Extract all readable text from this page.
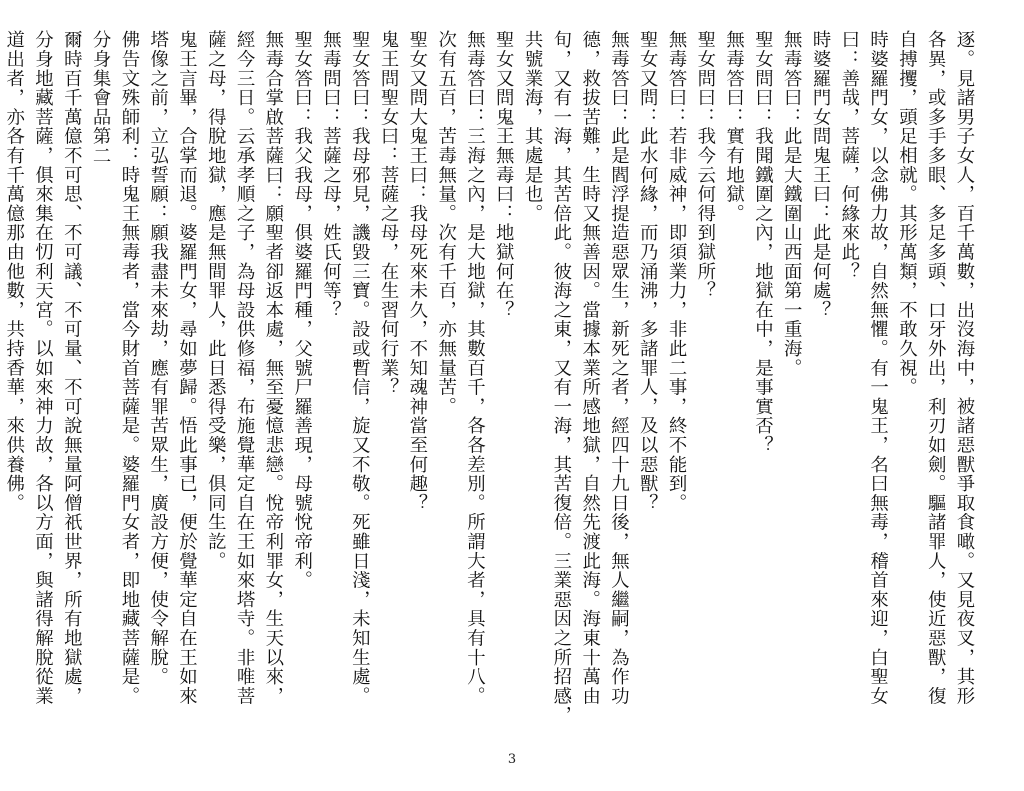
逐。見諸男子女人，百千萬數，出沒海中，被諸惡獸爭取食噉。又見夜叉，其形

各異，或多手多眼、多足多頭、口牙外出，利刃如劍。驅諸罪人，使近惡獸，復

自搏攫，頭足相就。其形萬類，不敢久視。

時婆羅門女，以念佛力故，自然無懼。有一鬼王，名曰無毒，稽首來迎，白聖女

曰：善哉，菩薩，何緣來此？

時婆羅門女問鬼王曰：此是何處？

無毒答曰：此是大鐵圍山西面第一重海。

聖女問曰：我聞鐵圍之內，地獄在中，是事實否？

無毒答曰：實有地獄。

聖女問曰：我今云何得到獄所？

無毒答曰：若非威神，即須業力，非此二事，終不能到。

聖女又問：此水何緣，而乃涌沸，多諸罪人，及以惡獸？

無毒答曰：此是閻浮提造惡眾生，新死之者，經四十九日後，無人繼嗣，為作功

德，救拔苦難，生時又無善因。當據本業所感地獄，自然先渡此海。海東十萬由

旬，又有一海，其苦倍此。彼海之東，又有一海，其苦復倍。三業惡因之所招感，

共號業海，其處是也。

聖女又問鬼王無毒曰：地獄何在？

無毒答曰：三海之內，是大地獄，其數百千，各各差別。所謂大者，具有十八。

次有五百，苦毒無量。次有千百，亦無量苦。

聖女又問大鬼王曰：我母死來未久，不知魂神當至何趣？

鬼王問聖女曰：菩薩之母，在生習何行業？

聖女答曰：我母邪見，譏毀三寶。設或暫信，旋又不敬。死雖日淺，未知生處。

無毒問曰：菩薩之母，姓氏何等？

聖女答曰：我父我母，俱婆羅門種，父號尸羅善現，母號悅帝利。

無毒合掌啟菩薩曰：願聖者卻返本處，無至憂憶悲戀。悅帝利罪女，生天以來，

經今三日。云承孝順之子，為母設供修福，布施覺華定自在王如來塔寺。非唯菩

薩之母，得脫地獄，應是無間罪人，此日悉得受樂，俱同生訖。

鬼王言畢，合掌而退。婆羅門女，尋如夢歸。悟此事已，便於覺華定自在王如來

塔像之前，立弘誓願：願我盡未來劫，應有罪苦眾生，廣設方便，使令解脫。

佛告文殊師利：時鬼王無毒者，當今財首菩薩是。婆羅門女者，即地藏菩薩是。

分身集會品第二

爾時百千萬億不可思、不可議、不可量、不可說無量阿僧祇世界，所有地獄處，

分身地藏菩薩，俱來集在忉利天宮。以如來神力故，各以方面，與諸得解脫從業

道出者，亦各有千萬億那由他數，共持香華，來供養佛。

3
